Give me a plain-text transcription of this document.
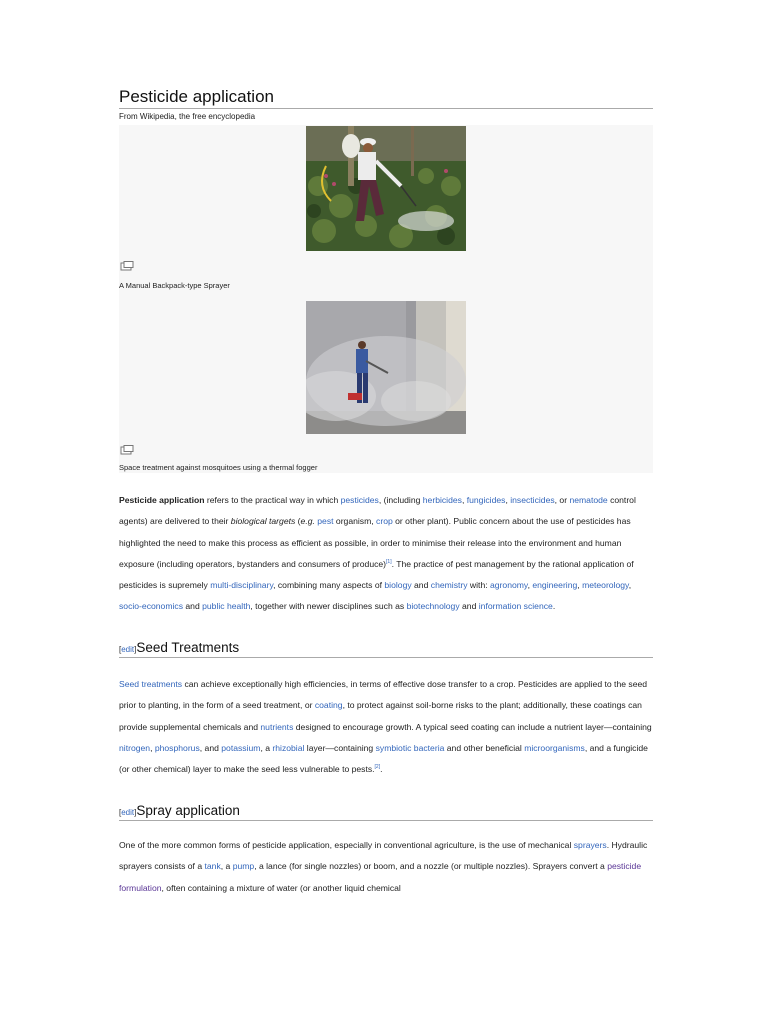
Pesticide application
From Wikipedia, the free encyclopedia
A Manual Backpack-type Sprayer
Space treatment against mosquitoes using a thermal fogger

Pesticide application refers to the practical way in which pesticides, (including herbicides, fungicides, insecticides, or nematode control agents) are delivered to their biological targets (e.g. pest organism, crop or other plant). Public concern about the use of pesticides has highlighted the need to make this process as efficient as possible, in order to minimise their release into the environment and human exposure (including operators, bystanders and consumers of produce)[1]. The practice of pest management by the rational application of pesticides is supremely multi-disciplinary, combining many aspects of biology and chemistry with: agronomy, engineering, meteorology, socio-economics and public health, together with newer disciplines such as biotechnology and information science.

[edit]Seed Treatments

Seed treatments can achieve exceptionally high efficiencies, in terms of effective dose transfer to a crop. Pesticides are applied to the seed prior to planting, in the form of a seed treatment, or coating, to protect against soil-borne risks to the plant; additionally, these coatings can provide supplemental chemicals and nutrients designed to encourage growth. A typical seed coating can include a nutrient layer—containing nitrogen, phosphorus, and potassium, a rhizobial layer—containing symbiotic bacteria and other beneficial microorganisms, and a fungicide (or other chemical) layer to make the seed less vulnerable to pests.[2].

[edit]Spray application

One of the more common forms of pesticide application, especially in conventional agriculture, is the use of mechanical sprayers. Hydraulic sprayers consists of a tank, a pump, a lance (for single nozzles) or boom, and a nozzle (or multiple nozzles). Sprayers convert a pesticide formulation, often containing a mixture of water (or another liquid chemical
